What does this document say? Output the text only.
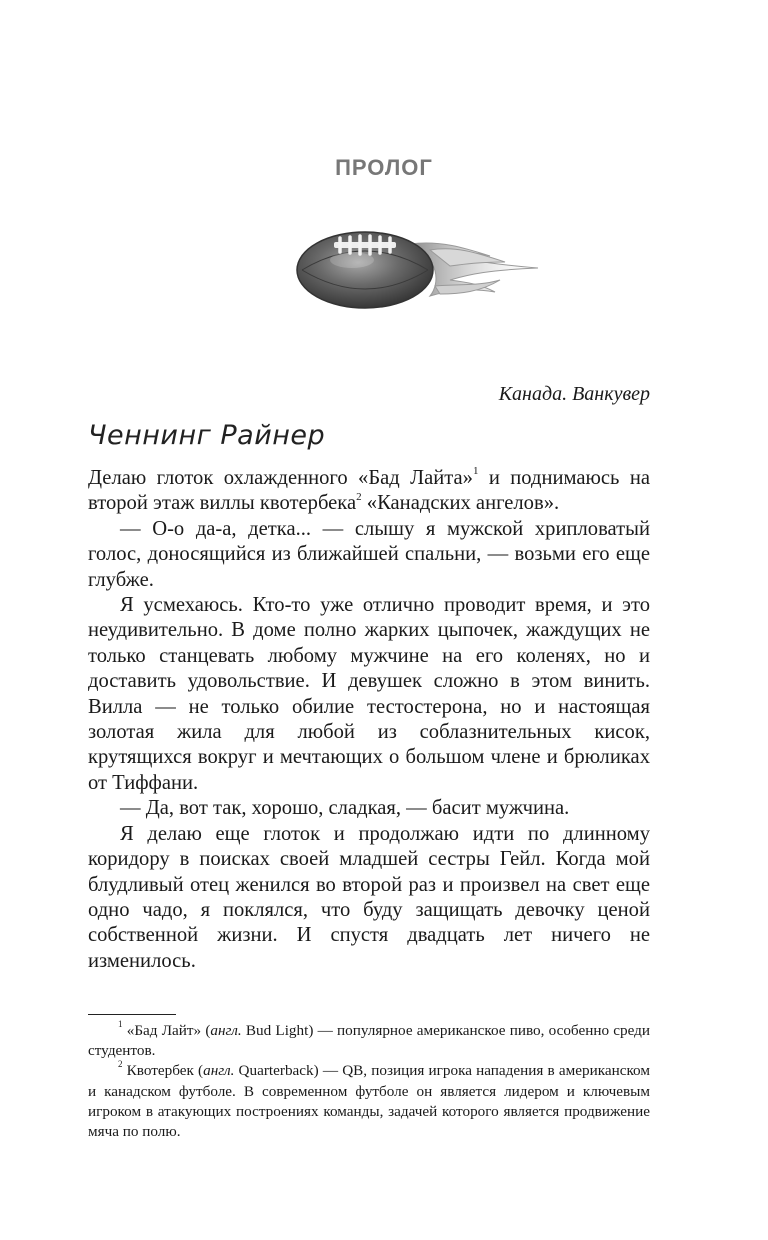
ПРОЛОГ
Канада. Ванкувер
Ченнинг Райнер

Делаю глоток охлажденного «Бад Лайта»$^1$ и поднимаюсь на второй этаж виллы квотербека$^2$ «Канадских ангелов».

— О-о да-а, детка... — слышу я мужской хрипловатый голос, доносящийся из ближайшей спальни, — возьми его еще глубже.

Я усмехаюсь. Кто-то уже отлично проводит время, и это неудивительно. В доме полно жарких цыпочек, жаждущих не только станцевать любому мужчине на его коленях, но и доставить удовольствие. И девушек сложно в этом винить. Вилла — не только обилие тестостерона, но и настоящая золотая жила для любой из соблазнительных кисок, крутящихся вокруг и мечтающих о большом члене и брюликах от Тиффани.

— Да, вот так, хорошо, сладкая, — басит мужчина.

Я делаю еще глоток и продолжаю идти по длинному коридору в поисках своей младшей сестры Гейл. Когда мой блудливый отец женился во второй раз и произвел на свет еще одно чадо, я поклялся, что буду защищать девочку ценой собственной жизни. И спустя двадцать лет ничего не изменилось.

$^1$ «Бад Лайт» (англ. Bud Light) — популярное американское пиво, особенно среди студентов.

$^2$ Квотербек (англ. Quarterback) — QB, позиция игрока нападения в американском и канадском футболе. В современном футболе он является лидером и ключевым игроком в атакующих построениях команды, задачей которого является продвижение мяча по полю.
